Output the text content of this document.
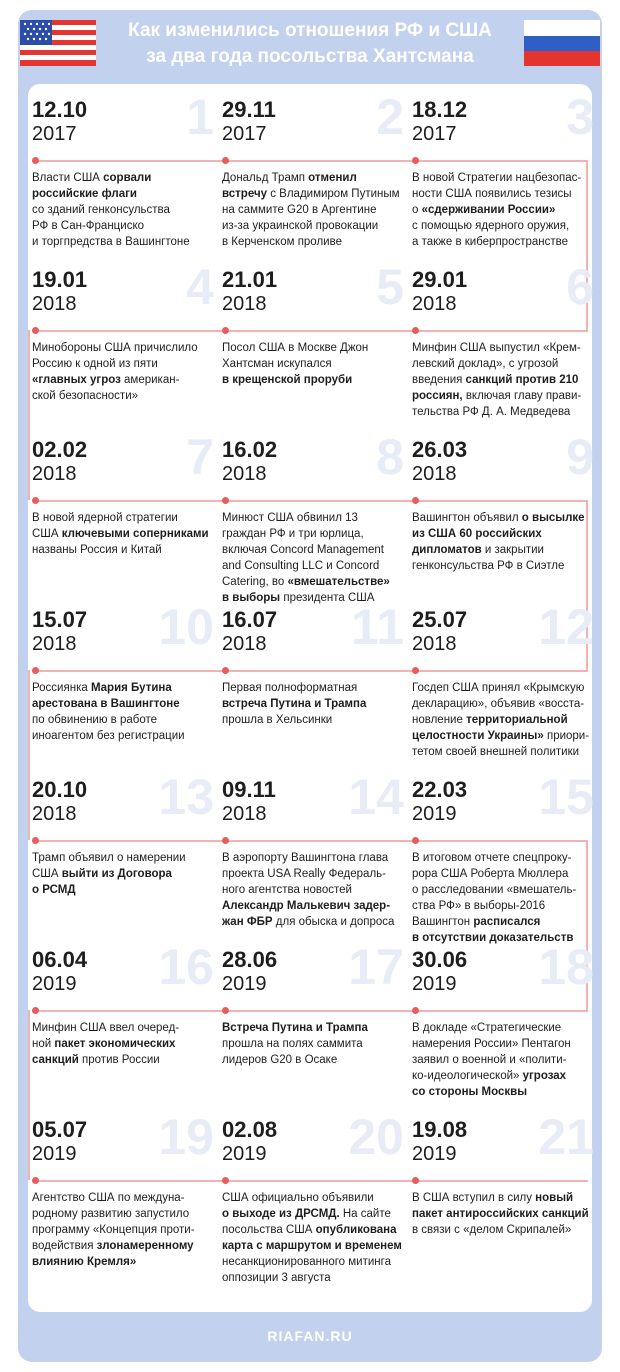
Как изменились отношения РФ и США
за два года посольства Хантсмана
1
12.10
2017
Власти США сорвали
российские флаги
со зданий генконсульства
РФ в Сан-Франциско
и торгпредства в Вашингтоне
2
29.11
2017
Дональд Трамп отменил
встречу с Владимиром Путиным
на саммите G20 в Аргентине
из-за украинской провокации
в Керченском проливе
3
18.12
2017
В новой Стратегии нацбезопас-
ности США появились тезисы
о «сдерживании России»
с помощью ядерного оружия,
а также в киберпространстве
4
19.01
2018
Минобороны США причислило
Россию к одной из пяти
«главных угроз американ-
ской безопасности»
5
21.01
2018
Посол США в Москве Джон
Хантсман искупался
в крещенской проруби
6
29.01
2018
Минфин США выпустил «Крем-
левский доклад», с угрозой
введения санкций против 210
россиян, включая главу прави-
тельства РФ Д. А. Медведева
7
02.02
2018
В новой ядерной стратегии
США ключевыми соперниками
названы Россия и Китай
8
16.02
2018
Минюст США обвинил 13
граждан РФ и три юрлица,
включая Concord Management
and Consulting LLC и Concord
Catering, во «вмешательстве»
в выборы президента США
9
26.03
2018
Вашингтон объявил о высылке
из США 60 российских
дипломатов и закрытии
генконсульства РФ в Сиэтле
10
15.07
2018
Россиянка Мария Бутина
арестована в Вашингтоне
по обвинению в работе
иноагентом без регистрации
11
16.07
2018
Первая полноформатная
встреча Путина и Трампа
прошла в Хельсинки
12
25.07
2018
Госдеп США принял «Крымскую
декларацию», объявив «восста-
новление территориальной
целостности Украины» приори-
тетом своей внешней политики
13
20.10
2018
Трамп объявил о намерении
США выйти из Договора
о РСМД
14
09.11
2018
В аэропорту Вашингтона глава
проекта USA Really Федераль-
ного агентства новостей
Александр Малькевич задер-
жан ФБР для обыска и допроса
15
22.03
2019
В итоговом отчете спецпроку-
рора США Роберта Мюллера
о расследовании «вмешатель-
ства РФ» в выборы-2016
Вашингтон расписался
в отсутствии доказательств
16
06.04
2019
Минфин США ввел очеред-
ной пакет экономических
санкций против России
17
28.06
2019
Встреча Путина и Трампа
прошла на полях саммита
лидеров G20 в Осаке
18
30.06
2019
В докладе «Стратегические
намерения России» Пентагон
заявил о военной и «полити-
ко-идеологической» угрозах
со стороны Москвы
19
05.07
2019
Агентство США по междуна-
родному развитию запустило
программу «Концепция проти-
водействия злонамеренному
влиянию Кремля»
20
02.08
2019
США официально объявили
о выходе из ДРСМД. На сайте
посольства США опубликована
карта с маршрутом и временем
несанкционированного митинга
оппозиции 3 августа
21
19.08
2019
В США вступил в силу новый
пакет антироссийских санкций
в связи с «делом Скрипалей»
RIAFAN.RU
